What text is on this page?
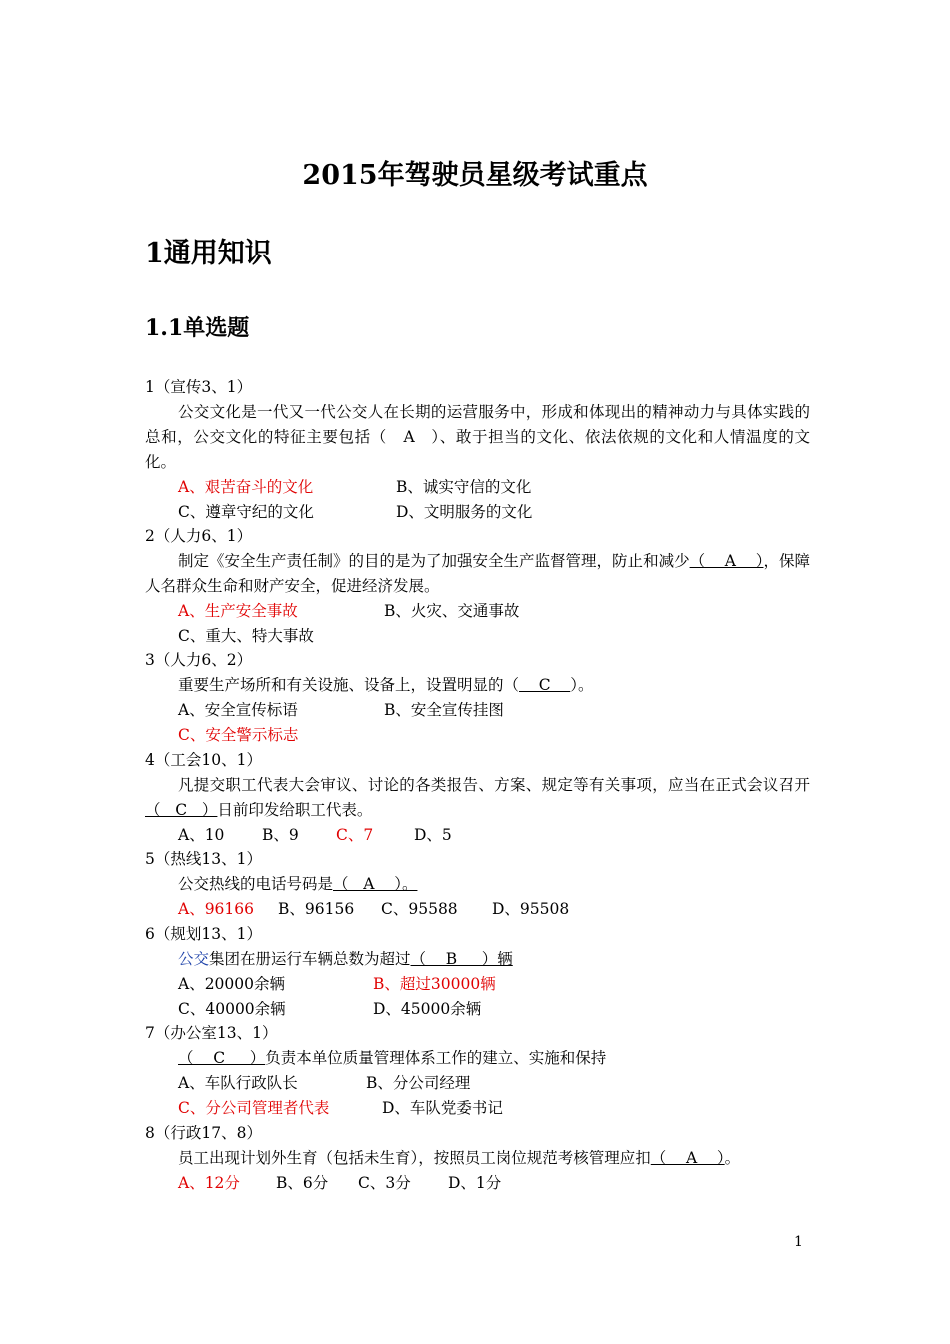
2015年驾驶员星级考试重点
1通用知识
1.1单选题
1（宣传3、1）
公交文化是一代又一代公交人在长期的运营服务中，形成和体现出的精神动力与具体实践的总和，公交文化的特征主要包括（   A   ）、敢于担当的文化、依法依规的文化和人情温度的文化。
A、艰苦奋斗的文化	B、诚实守信的文化
C、遵章守纪的文化	D、文明服务的文化
2（人力6、1）
制定《安全生产责任制》的目的是为了加强安全生产监督管理，防止和减少（    A    ），保障人名群众生命和财产安全，促进经济发展。
A、生产安全事故	B、火灾、交通事故
C、重大、特大事故
3（人力6、2）
重要生产场所和有关设施、设备上，设置明显的（    C    ）。
A、安全宣传标语	B、安全宣传挂图
C、安全警示标志
4（工会10、1）
凡提交职工代表大会审议、讨论的各类报告、方案、规定等有关事项，应当在正式会议召开（   C   ）日前印发给职工代表。
A、10 B、9 C、7	D、5
5（热线13、1）
公交热线的电话号码是（   A    ）。
A、96166 B、96156 C、95588 D、95508
6（规划13、1）
公交集团在册运行车辆总数为超过（    B     ）辆
A、20000余辆	B、超过30000辆
C、40000余辆	D、45000余辆
7（办公室13、1）
（    C     ）负责本单位质量管理体系工作的建立、实施和保持
A、车队行政队长	B、分公司经理
C、分公司管理者代表	D、车队党委书记
8（行政17、8）
员工出现计划外生育（包括未生育），按照员工岗位规范考核管理应扣（    A    ）。
A、12分 B、6分 C、3分 D、1分
1
